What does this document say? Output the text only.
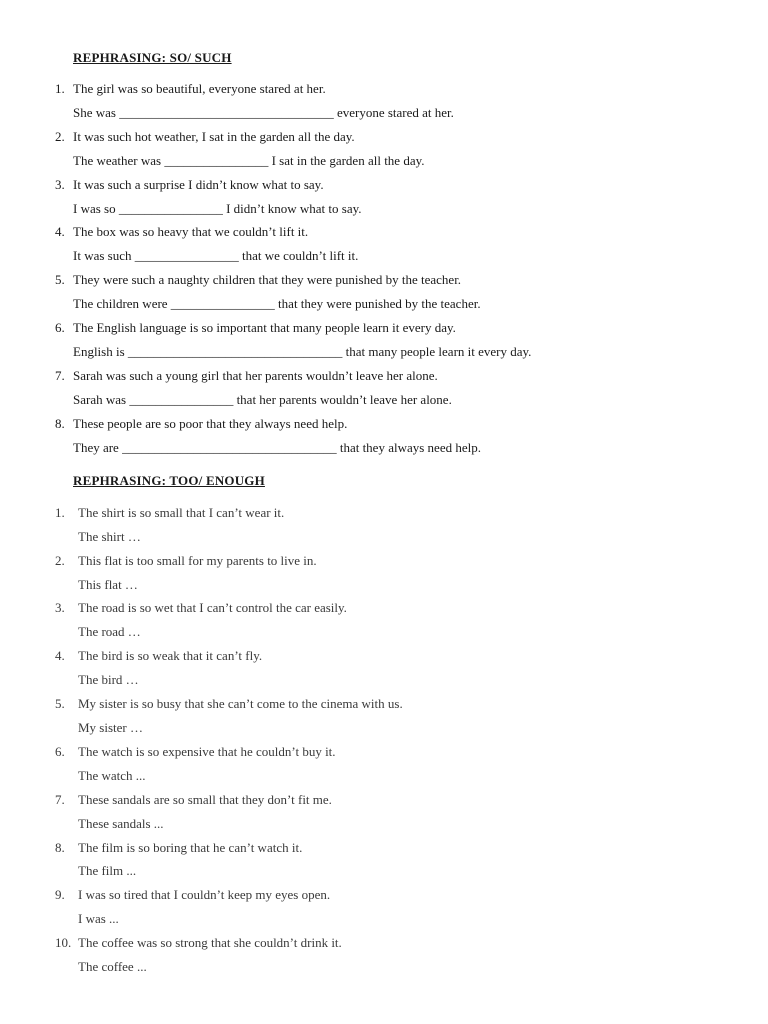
REPHRASING: SO/ SUCH
1. The girl was so beautiful, everyone stared at her.
She was _________________________________ everyone stared at her.
2. It was such hot weather, I sat in the garden all the day.
The weather was ________________ I sat in the garden all the day.
3. It was such a surprise I didn’t know what to say.
I was so ________________ I didn’t know what to say.
4. The box was so heavy that we couldn’t lift it.
It was such ________________ that we couldn’t lift it.
5. They were such a naughty children that they were punished by the teacher.
The children were ________________ that they were punished by the teacher.
6. The English language is so important that many people learn it every day.
English is _________________________________ that many people learn it every day.
7. Sarah was such a young girl that her parents wouldn’t leave her alone.
Sarah was ________________ that her parents wouldn’t leave her alone.
8. These people are so poor that they always need help.
They are _________________________________ that they always need help.
REPHRASING: TOO/ ENOUGH
1. The shirt is so small that I can’t wear it.
The shirt …
2. This flat is too small for my parents to live in.
This flat …
3. The road is so wet that I can’t control the car easily.
The road …
4. The bird is so weak that it can’t fly.
The bird …
5. My sister is so busy that she can’t come to the cinema with us.
My sister …
6. The watch is so expensive that he couldn’t buy it.
The watch ...
7. These sandals are so small that they don’t fit me.
These sandals ...
8. The film is so boring that he can’t watch it.
The film ...
9. I was so tired that I couldn’t keep my eyes open.
I was ...
10. The coffee was so strong that she couldn’t drink it.
The coffee ...
